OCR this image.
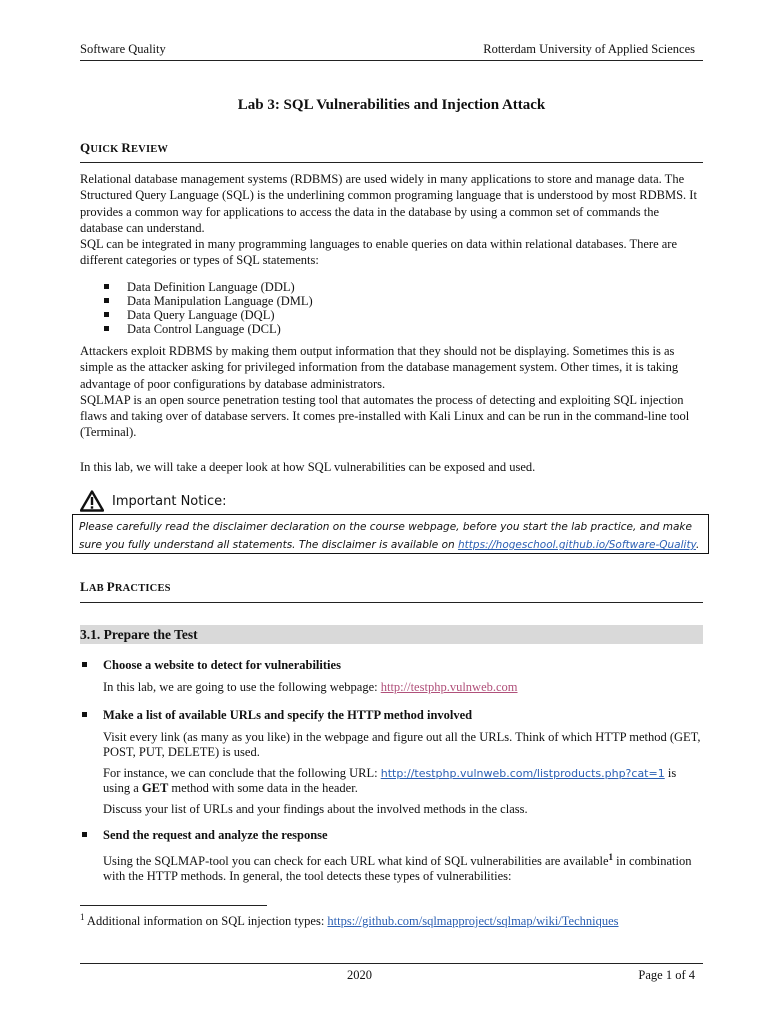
Software Quality	Rotterdam University of Applied Sciences
Lab 3: SQL Vulnerabilities and Injection Attack
QUICK REVIEW

Relational database management systems (RDBMS) are used widely in many applications to store and manage data. The Structured Query Language (SQL) is the underlining common programing language that is understood by most RDBMS. It provides a common way for applications to access the data in the database by using a common set of commands the database can understand.

SQL can be integrated in many programming languages to enable queries on data within relational databases. There are different categories or types of SQL statements:

Data Definition Language (DDL)
Data Manipulation Language (DML)
Data Query Language (DQL)
Data Control Language (DCL)

Attackers exploit RDBMS by making them output information that they should not be displaying. Sometimes this is as simple as the attacker asking for privileged information from the database management system. Other times, it is taking advantage of poor configurations by database administrators.

SQLMAP is an open source penetration testing tool that automates the process of detecting and exploiting SQL injection flaws and taking over of database servers. It comes pre-installed with Kali Linux and can be run in the command-line tool (Terminal).

In this lab, we will take a deeper look at how SQL vulnerabilities can be exposed and used.
Important Notice:
Please carefully read the disclaimer declaration on the course webpage, before you start the lab practice, and make sure you fully understand all statements. The disclaimer is available on https://hogeschool.github.io/Software-Quality.
LAB PRACTICES
3.1. Prepare the Test
Choose a website to detect for vulnerabilities

In this lab, we are going to use the following webpage: http://testphp.vulnweb.com

Make a list of available URLs and specify the HTTP method involved

Visit every link (as many as you like) in the webpage and figure out all the URLs. Think of which HTTP method (GET, POST, PUT, DELETE) is used.

For instance, we can conclude that the following URL: http://testphp.vulnweb.com/listproducts.php?cat=1 is using a GET method with some data in the header.

Discuss your list of URLs and your findings about the involved methods in the class.

Send the request and analyze the response

Using the SQLMAP-tool you can check for each URL what kind of SQL vulnerabilities are available$^1$ in combination with the HTTP methods. In general, the tool detects these types of vulnerabilities:

$^1$ Additional information on SQL injection types: https://github.com/sqlmapproject/sqlmap/wiki/Techniques
2020	Page 1 of 4
